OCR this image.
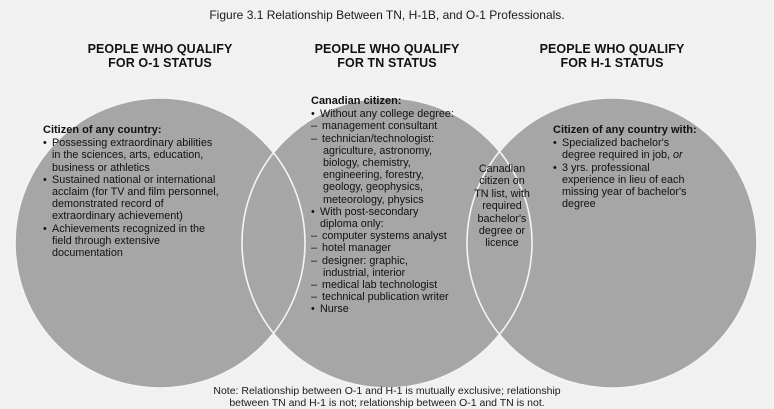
Figure 3.1 Relationship Between TN, H-1B, and O-1 Professionals.
PEOPLE WHO QUALIFY
FOR O-1 STATUS
PEOPLE WHO QUALIFY
FOR TN STATUS
PEOPLE WHO QUALIFY
FOR H-1 STATUS
Citizen of any country:
• Possessing extraordinary abilities
in the sciences, arts, education,
business or athletics
• Sustained national or international
acclaim (for TV and film personnel,
demonstrated record of
extraordinary achievement)
• Achievements recognized in the
field through extensive
documentation
Canadian citizen:
• Without any college degree:
– management consultant
– technician/technologist:
agriculture, astronomy,
biology, chemistry,
engineering, forestry,
geology, geophysics,
meteorology, physics
• With post-secondary
diploma only:
– computer systems analyst
– hotel manager
– designer: graphic,
industrial, interior
– medical lab technologist
– technical publication writer
• Nurse
Canadian
citizen on
TN list, with
required
bachelor's
degree or
licence
Citizen of any country with:
• Specialized bachelor's
degree required in job, or
• 3 yrs. professional
experience in lieu of each
missing year of bachelor's
degree
Note: Relationship between O-1 and H-1 is mutually exclusive; relationship
between TN and H-1 is not; relationship between O-1 and TN is not.
